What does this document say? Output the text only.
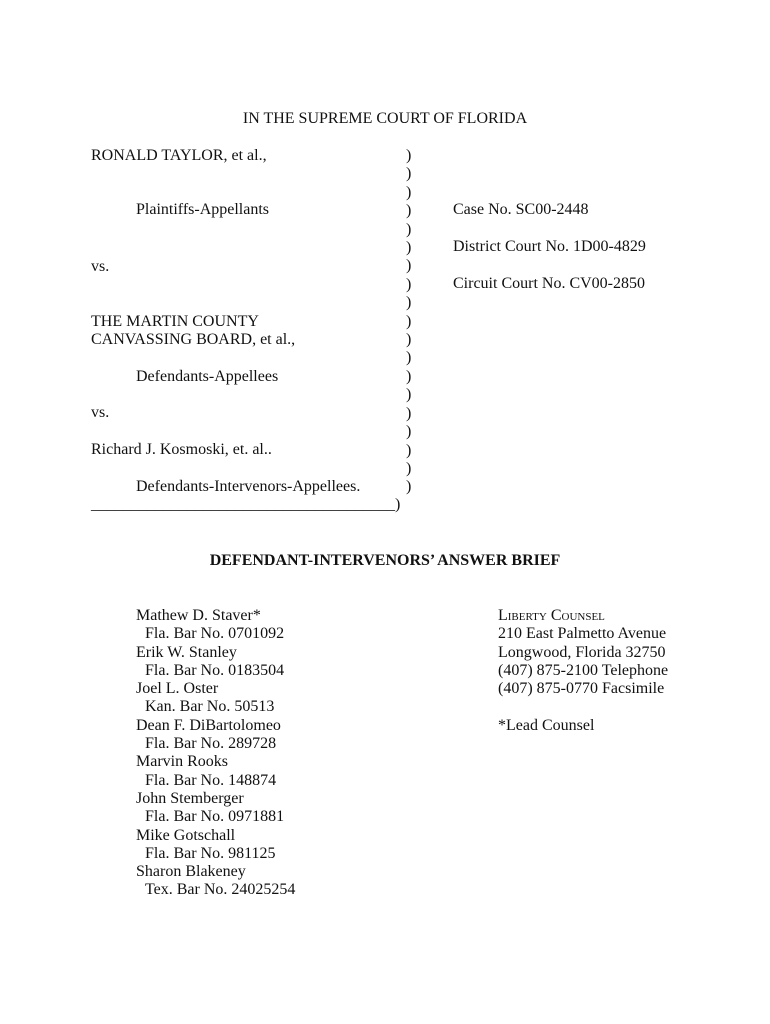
IN THE SUPREME COURT OF FLORIDA
RONALD TAYLOR, et al.,
Plaintiffs-Appellants
vs.
THE MARTIN COUNTY
CANVASSING BOARD, et al.,
Defendants-Appellees
vs.
Richard J. Kosmoski, et. al..
Defendants-Intervenors-Appellees.
______________________________________)
)
)
)
)
)
)
)
)
)
)
)
)
)
)
)
)
)
)
)
Case No. SC00-2448
District Court No. 1D00-4829
Circuit Court No. CV00-2850
DEFENDANT-INTERVENORS’ ANSWER BRIEF
Mathew D. Staver*
Fla. Bar No. 0701092
Erik W. Stanley
Fla. Bar No. 0183504
Joel L. Oster
Kan. Bar No. 50513
Dean F. DiBartolomeo
Fla. Bar No. 289728
Marvin Rooks
Fla. Bar No. 148874
John Stemberger
Fla. Bar No. 0971881
Mike Gotschall
Fla. Bar No. 981125
Sharon Blakeney
Tex. Bar No. 24025254
Liberty Counsel
210 East Palmetto Avenue
Longwood, Florida 32750
(407) 875-2100 Telephone
(407) 875-0770 Facsimile
*Lead Counsel
